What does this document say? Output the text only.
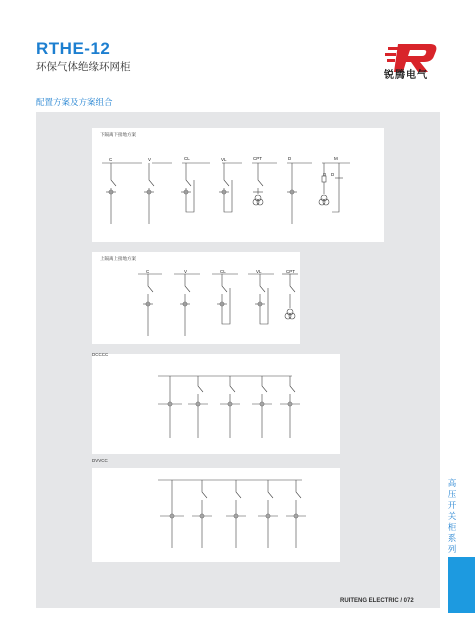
RTHE-12
环保气体绝缘环网柜
锐腾电气
配置方案及方案组合
下隔离下接地方案
C	V	CL	VL	CPT	D	M
D D
上隔离上接地方案
C	V	CL	VL	CPT
DCCCC
DVVCC
高压开关柜系列
RUITENG ELECTRIC / 072
